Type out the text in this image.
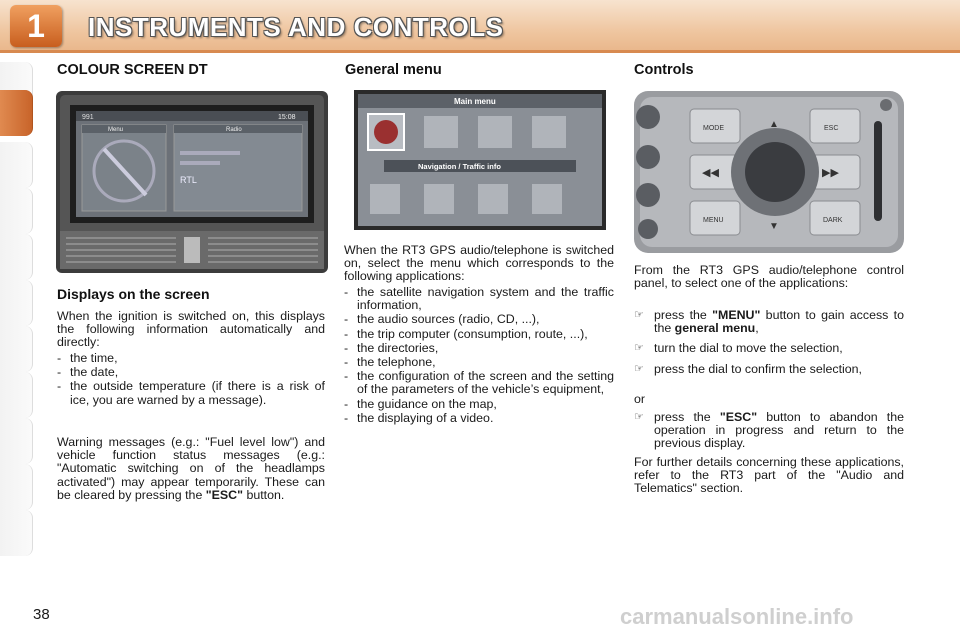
1	INSTRUMENTS AND CONTROLS
COLOUR SCREEN DT
991	15:08
Menu	Radio
RTL
Displays on the screen
When the ignition is switched on, this displays the following information automatically and directly:
- the time,
- the date,
- the outside temperature (if there is a risk of ice, you are warned by a message).
Warning messages (e.g.: "Fuel level low") and vehicle function status messages (e.g.: "Automatic switching on of the headlamps activated") may appear temporarily. These can be cleared by pressing the "ESC" button.
General menu
Main menu
Navigation / Traffic info
When the RT3 GPS audio/telephone is switched on, select the menu which corresponds to the following applications:
- the satellite navigation system and the traffic information,
- the audio sources (radio, CD, ...),
- the trip computer (consumption, route, ...),
- the directories,
- the telephone,
- the configuration of the screen and the setting of the parameters of the vehicle’s equipment,
- the guidance on the map,
- the displaying of a video.
Controls
MODE	ESC
◀◀	▶▶
MENU	DARK
▲
▼
From the RT3 GPS audio/telephone control panel, to select one of the applications:
☞ press the "MENU" button to gain access to the general menu,
☞ turn the dial to move the selection,
☞ press the dial to confirm the selection,
or
☞ press the "ESC" button to abandon the operation in progress and return to the previous display.
For further details concerning these applications, refer to the RT3 part of the "Audio and Telematics" section.
38	carmanualsonline.info
